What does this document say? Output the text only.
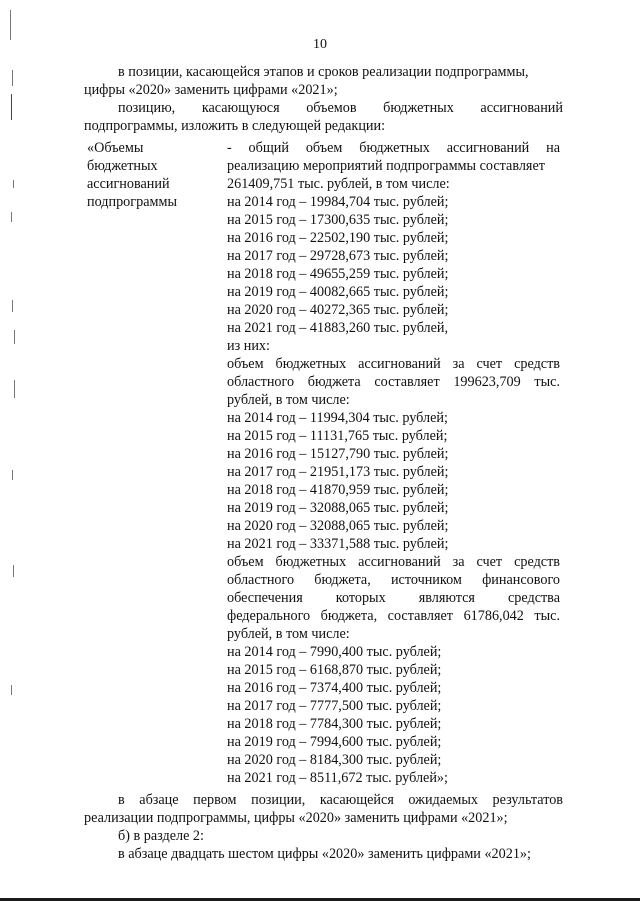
10
в позиции, касающейся этапов и сроков реализации подпрограммы,
цифры «2020» заменить цифрами «2021»;
позицию, касающуюся объемов бюджетных ассигнований
подпрограммы, изложить в следующей редакции:
«Объемы
бюджетных
ассигнований
подпрограммы
- общий объем бюджетных ассигнований на
реализацию мероприятий подпрограммы составляет
261409,751 тыс. рублей, в том числе:
на 2014 год – 19984,704 тыс. рублей;
на 2015 год – 17300,635 тыс. рублей;
на 2016 год – 22502,190 тыс. рублей;
на 2017 год – 29728,673 тыс. рублей;
на 2018 год – 49655,259 тыс. рублей;
на 2019 год – 40082,665 тыс. рублей;
на 2020 год – 40272,365 тыс. рублей;
на 2021 год – 41883,260 тыс. рублей,
из них:
объем бюджетных ассигнований за счет средств
областного бюджета составляет 199623,709 тыс.
рублей, в том числе:
на 2014 год – 11994,304 тыс. рублей;
на 2015 год – 11131,765 тыс. рублей;
на 2016 год – 15127,790 тыс. рублей;
на 2017 год – 21951,173 тыс. рублей;
на 2018 год – 41870,959 тыс. рублей;
на 2019 год – 32088,065 тыс. рублей;
на 2020 год – 32088,065 тыс. рублей;
на 2021 год – 33371,588 тыс. рублей;
объем бюджетных ассигнований за счет средств
областного бюджета, источником финансового
обеспечения которых являются средства
федерального бюджета, составляет 61786,042 тыс.
рублей, в том числе:
на 2014 год – 7990,400 тыс. рублей;
на 2015 год – 6168,870 тыс. рублей;
на 2016 год – 7374,400 тыс. рублей;
на 2017 год – 7777,500 тыс. рублей;
на 2018 год – 7784,300 тыс. рублей;
на 2019 год – 7994,600 тыс. рублей;
на 2020 год – 8184,300 тыс. рублей;
на 2021 год – 8511,672 тыс. рублей»;
в абзаце первом позиции, касающейся ожидаемых результатов
реализации подпрограммы, цифры «2020» заменить цифрами «2021»;
б) в разделе 2:
в абзаце двадцать шестом цифры «2020» заменить цифрами «2021»;
